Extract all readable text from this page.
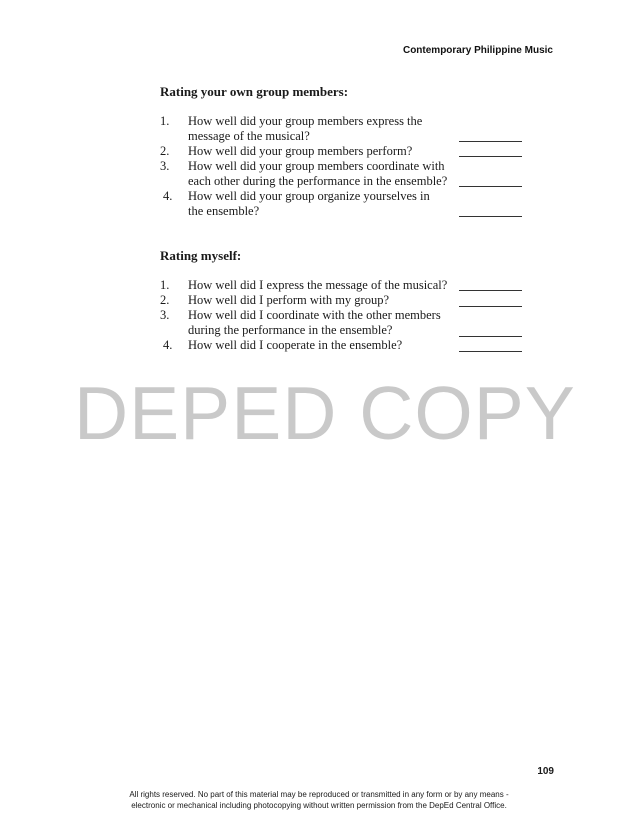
Contemporary Philippine Music
Rating your own group members:
1.	How well did your group members express the
message of the musical?
2.	How well did your group members perform?
3.	How well did your group members coordinate with
each other during the performance in the ensemble?
4.	How well did your group organize yourselves in
the ensemble?
Rating myself:
1.	How well did I express the message of the musical?
2.	How well did I perform with my group?
3.	How well did I coordinate with the other members
during the performance in the ensemble?
4.	How well did I cooperate in the ensemble?
DEPED COPY
109
All rights reserved. No part of this material may be reproduced or transmitted in any form or by any means -
electronic or mechanical including photocopying without written permission from the DepEd Central Office.
